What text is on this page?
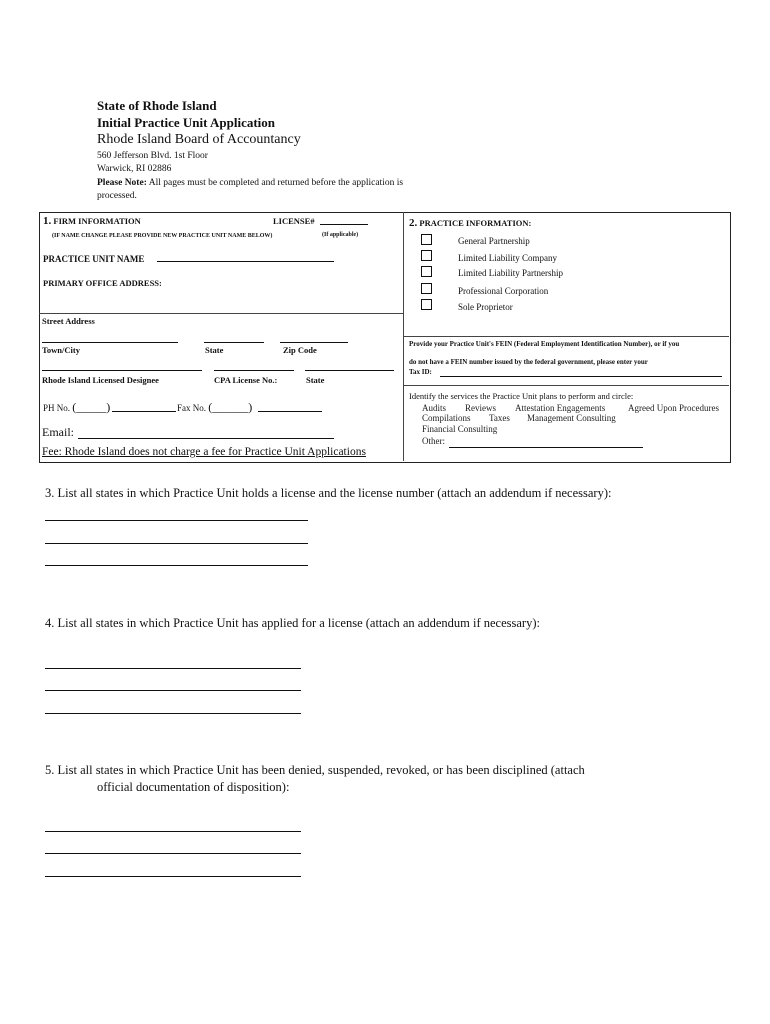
State of Rhode Island
Initial Practice Unit Application
Rhode Island Board of Accountancy
560 Jefferson Blvd. 1st Floor
Warwick, RI 02886
Please Note: All pages must be completed and returned before the application is
processed.
1. FIRM INFORMATION	LICENSE#
(IF NAME CHANGE PLEASE PROVIDE NEW PRACTICE UNIT NAME BELOW)	(If applicable)
PRACTICE UNIT NAME
PRIMARY OFFICE ADDRESS:
Street Address
Town/City	State	Zip Code
Rhode Island Licensed Designee	CPA License No.:	State
PH No. (_____)	Fax No. (______)
Email:
Fee: Rhode Island does not charge a fee for Practice Unit Applications
2. PRACTICE INFORMATION:
General Partnership
Limited Liability Company
Limited Liability Partnership
Professional Corporation
Sole Proprietor
Provide your Practice Unit's FEIN (Federal Employment Identification Number), or if you
do not have a FEIN number issued by the federal government, please enter your
Tax ID:
Identify the services the Practice Unit plans to perform and circle:
Audits Reviews Attestation Engagements	Agreed Upon Procedures
Compilations Taxes Management Consulting
Financial Consulting
Other:
3. List all states in which Practice Unit holds a license and the license number (attach an addendum if necessary):
4. List all states in which Practice Unit has applied for a license (attach an addendum if necessary):
5. List all states in which Practice Unit has been denied, suspended, revoked, or has been disciplined (attach
official documentation of disposition):
